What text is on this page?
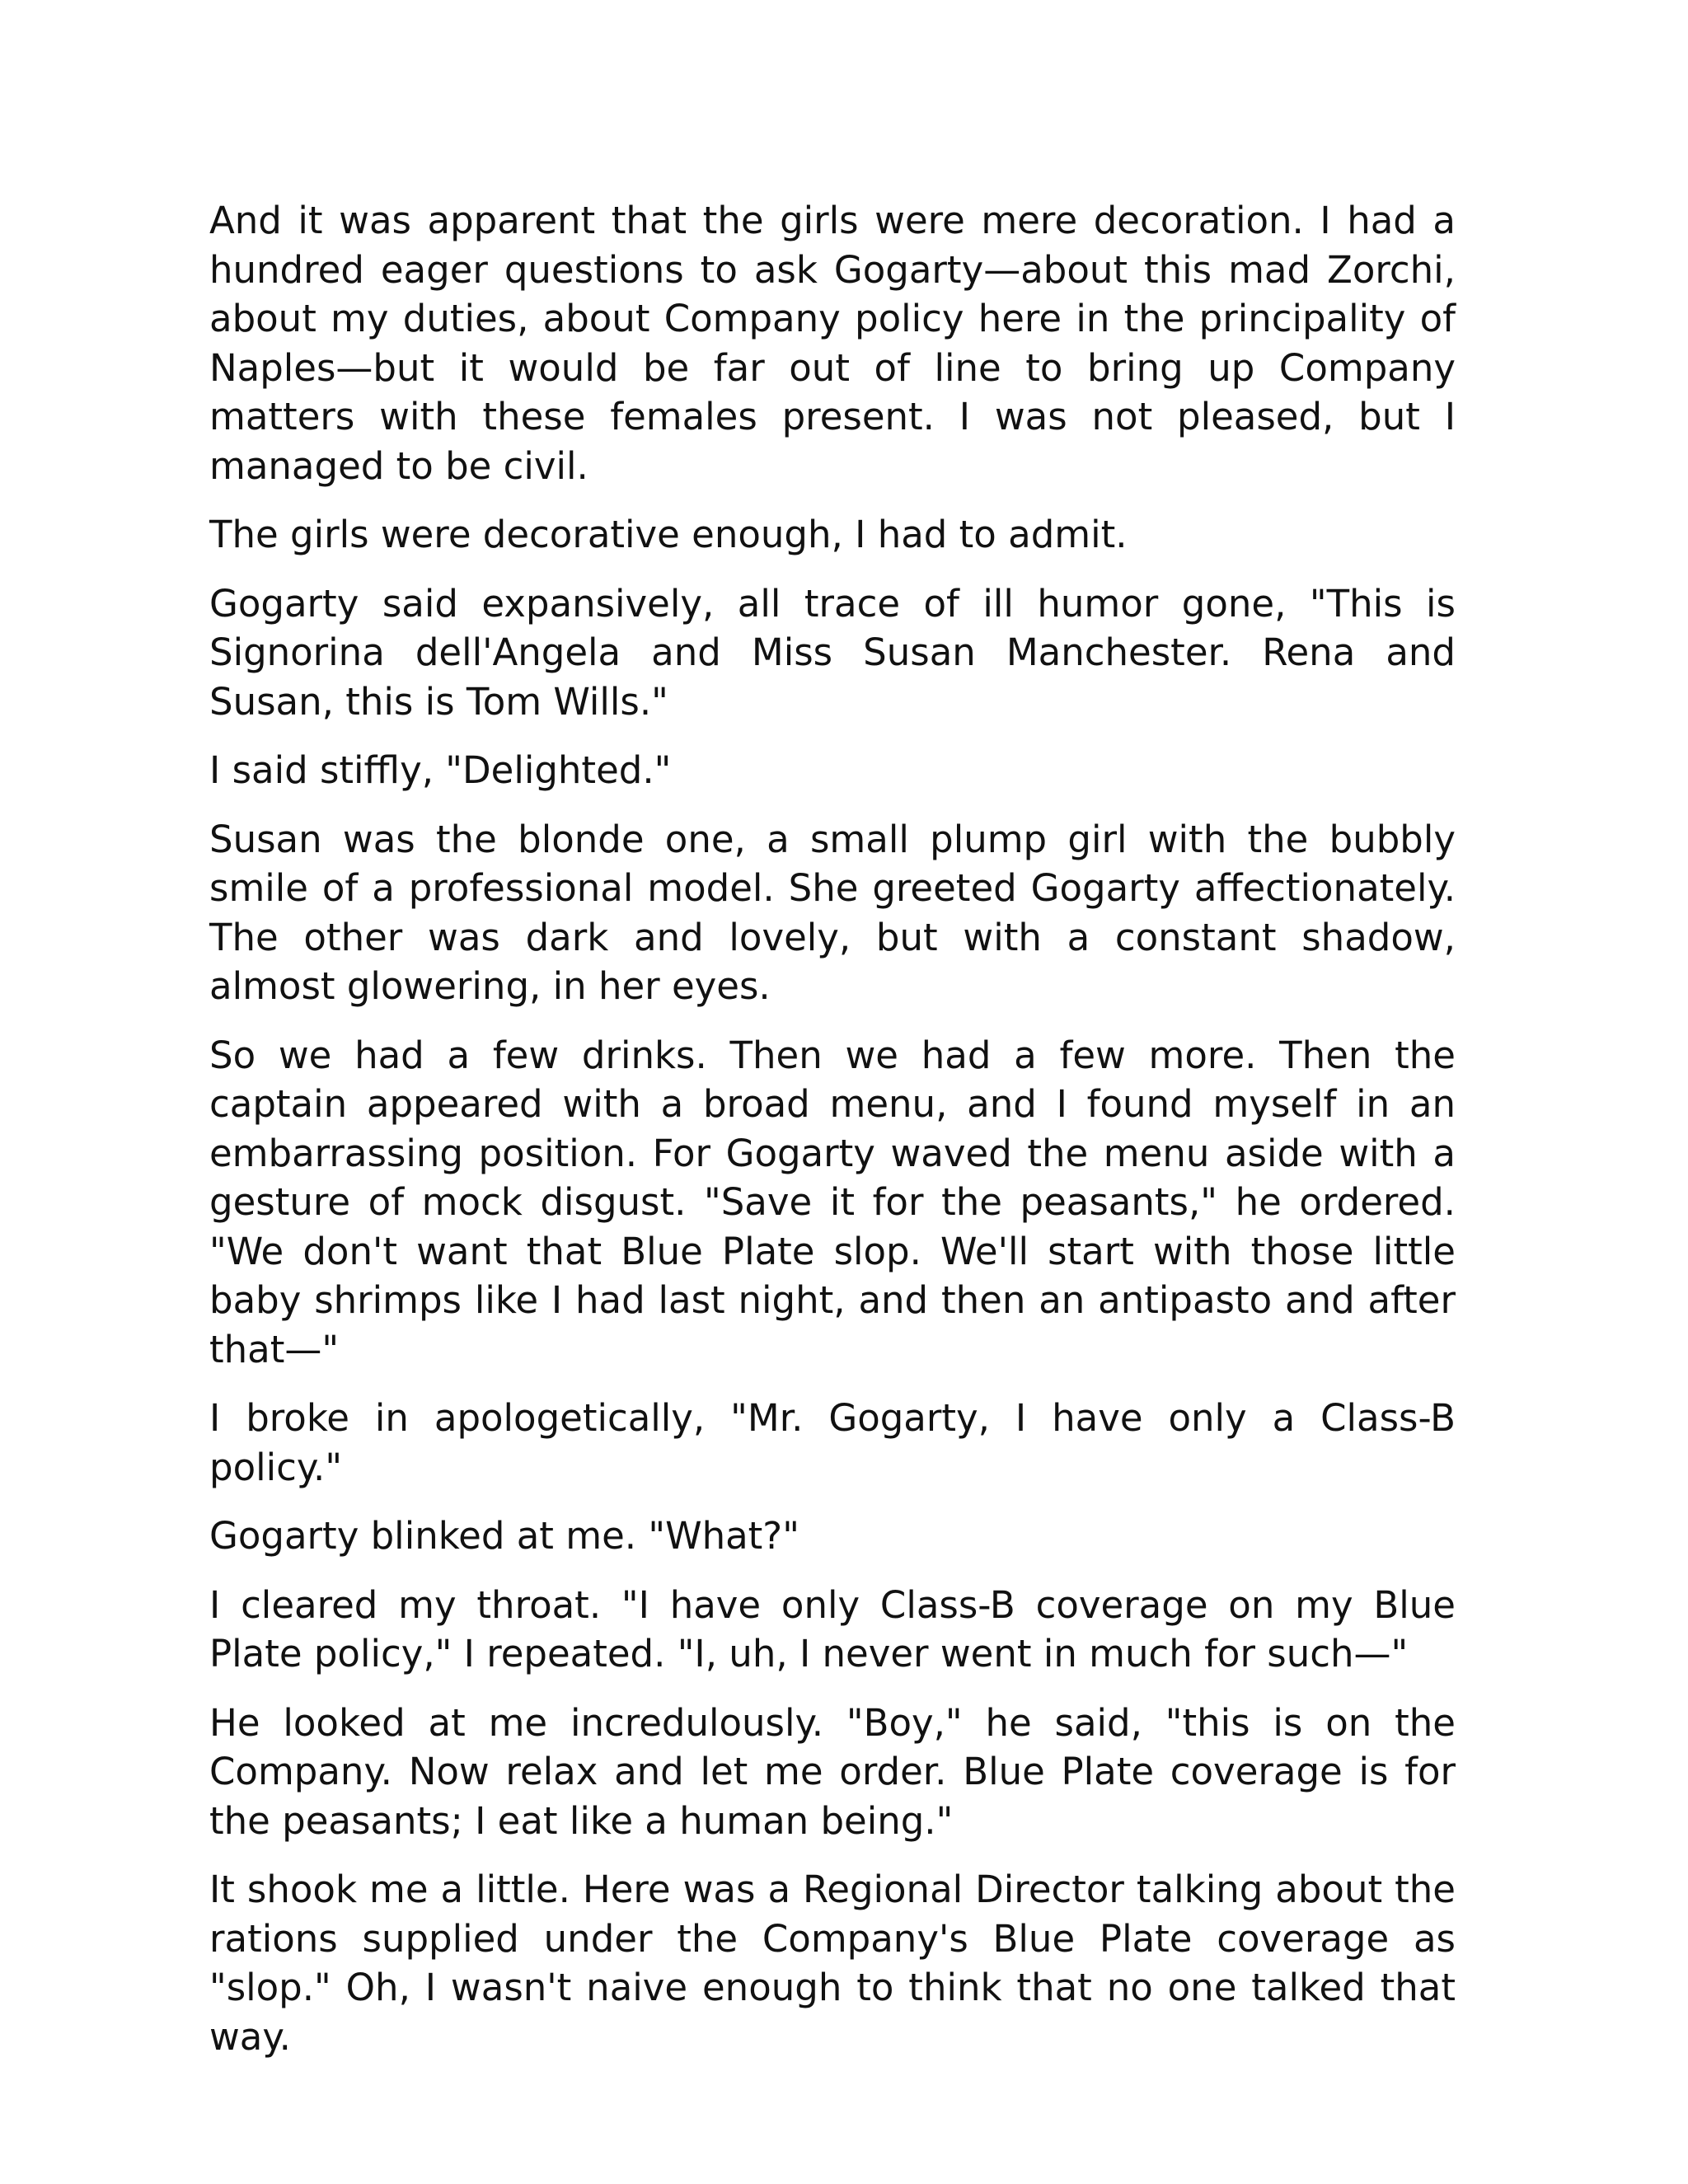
And it was apparent that the girls were mere decoration. I had a hundred eager questions to ask Gogarty—about this mad Zorchi, about my duties, about Company policy here in the principality of Naples—but it would be far out of line to bring up Company matters with these females present. I was not pleased, but I managed to be civil.

The girls were decorative enough, I had to admit.

Gogarty said expansively, all trace of ill humor gone, "This is Signorina dell'Angela and Miss Susan Manchester. Rena and Susan, this is Tom Wills."

I said stiffly, "Delighted."

Susan was the blonde one, a small plump girl with the bubbly smile of a professional model. She greeted Gogarty affectionately. The other was dark and lovely, but with a constant shadow, almost glowering, in her eyes.

So we had a few drinks. Then we had a few more. Then the captain appeared with a broad menu, and I found myself in an embarrassing position. For Gogarty waved the menu aside with a gesture of mock disgust. "Save it for the peasants," he ordered. "We don't want that Blue Plate slop. We'll start with those little baby shrimps like I had last night, and then an antipasto and after that—"

I broke in apologetically, "Mr. Gogarty, I have only a Class-B policy."

Gogarty blinked at me. "What?"

I cleared my throat. "I have only Class-B coverage on my Blue Plate policy," I repeated. "I, uh, I never went in much for such—"

He looked at me incredulously. "Boy," he said, "this is on the Company. Now relax and let me order. Blue Plate coverage is for the peasants; I eat like a human being."

It shook me a little. Here was a Regional Director talking about the rations supplied under the Company's Blue Plate coverage as "slop." Oh, I wasn't naive enough to think that no one talked that way.
